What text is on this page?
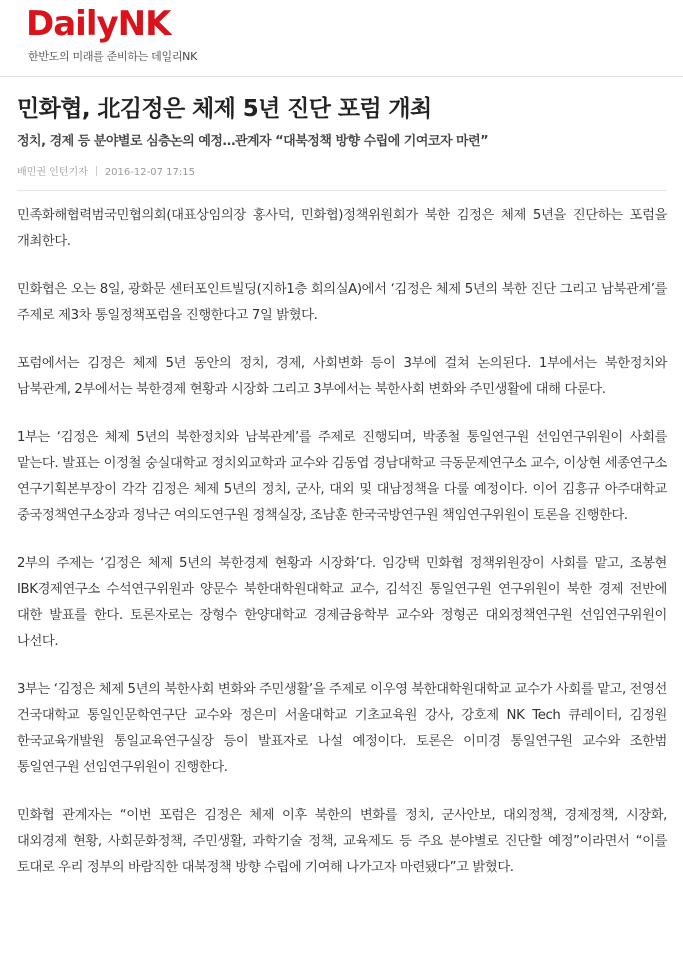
DailyNK
한반도의 미래를 준비하는 데일리NK
민화협, 北김정은 체제 5년 진단 포럼 개최
정치, 경제 등 분야별로 심층논의 예정…관계자 “대북정책 방향 수립에 기여코자 마련”
배민권 인턴기자 2016-12-07 17:15

민족화해협력범국민협의회(대표상임의장 홍사덕, 민화협)정책위원회가 북한 김정은 체제 5년을 진단하는 포럼을 개최한다.

민화협은 오는 8일, 광화문 센터포인트빌딩(지하1층 회의실A)에서 ‘김정은 체제 5년의 북한 진단 그리고 남북관계’를 주제로 제3차 통일정책포럼을 진행한다고 7일 밝혔다.

포럼에서는 김정은 체제 5년 동안의 정치, 경제, 사회변화 등이 3부에 걸쳐 논의된다. 1부에서는 북한정치와 남북관계, 2부에서는 북한경제 현황과 시장화 그리고 3부에서는 북한사회 변화와 주민생활에 대해 다룬다.

1부는 ‘김정은 체제 5년의 북한정치와 남북관계’를 주제로 진행되며, 박종철 통일연구원 선임연구위원이 사회를 맡는다. 발표는 이정철 숭실대학교 정치외교학과 교수와 김동엽 경남대학교 극동문제연구소 교수, 이상현 세종연구소 연구기획본부장이 각각 김정은 체제 5년의 정치, 군사, 대외 및 대남정책을 다룰 예정이다. 이어 김흥규 아주대학교 중국정책연구소장과 정낙근 여의도연구원 정책실장, 조남훈 한국국방연구원 책임연구위원이 토론을 진행한다.

2부의 주제는 ‘김정은 체제 5년의 북한경제 현황과 시장화’다. 임강택 민화협 정책위원장이 사회를 맡고, 조봉현 IBK경제연구소 수석연구위원과 양문수 북한대학원대학교 교수, 김석진 통일연구원 연구위원이 북한 경제 전반에 대한 발표를 한다. 토론자로는 장형수 한양대학교 경제금융학부 교수와 정형곤 대외정책연구원 선임연구위원이 나선다.

3부는 ‘김정은 체제 5년의 북한사회 변화와 주민생활’을 주제로 이우영 북한대학원대학교 교수가 사회를 맡고, 전영선 건국대학교 통일인문학연구단 교수와 정은미 서울대학교 기초교육원 강사, 강호제 NK Tech 큐레이터, 김정원 한국교육개발원 통일교육연구실장 등이 발표자로 나설 예정이다. 토론은 이미경 통일연구원 교수와 조한범 통일연구원 선임연구위원이 진행한다.

민화협 관계자는 “이번 포럼은 김정은 체제 이후 북한의 변화를 정치, 군사안보, 대외정책, 경제정책, 시장화, 대외경제 현황, 사회문화정책, 주민생활, 과학기술 정책, 교육제도 등 주요 분야별로 진단할 예정”이라면서 “이를 토대로 우리 정부의 바람직한 대북정책 방향 수립에 기여해 나가고자 마련됐다”고 밝혔다.
